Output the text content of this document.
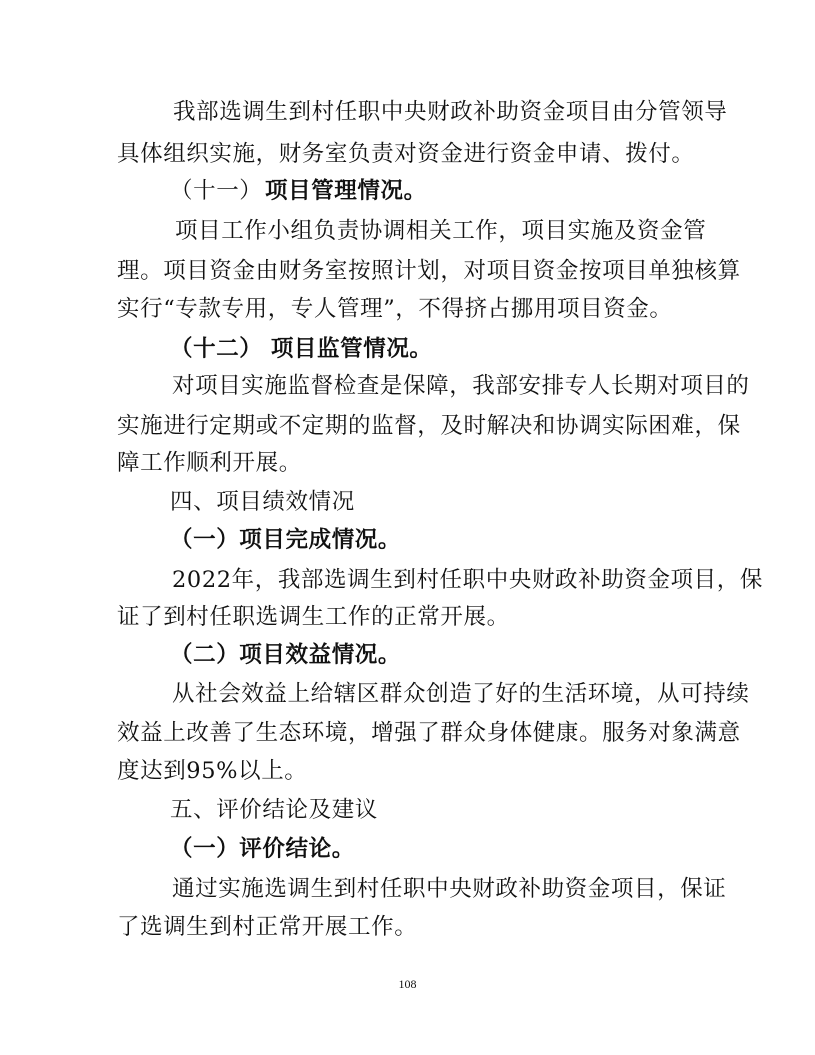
我部选调生到村任职中央财政补助资金项目由分管领导
具体组织实施，财务室负责对资金进行资金申请、拨付。
（十一） 项目管理情况。
项目工作小组负责协调相关工作，项目实施及资金管
理。项目资金由财务室按照计划，对项目资金按项目单独核算
实行“专款专用，专人管理”，不得挤占挪用项目资金。
（十二） 项目监管情况。
对项目实施监督检查是保障，我部安排专人长期对项目的
实施进行定期或不定期的监督，及时解决和协调实际困难，保
障工作顺利开展。
四、项目绩效情况
（一）项目完成情况。
2022年，我部选调生到村任职中央财政补助资金项目，保
证了到村任职选调生工作的正常开展。
（二）项目效益情况。
从社会效益上给辖区群众创造了好的生活环境，从可持续
效益上改善了生态环境，增强了群众身体健康。服务对象满意
度达到95%以上。
五、评价结论及建议
（一）评价结论。
通过实施选调生到村任职中央财政补助资金项目，保证
了选调生到村正常开展工作。
108
